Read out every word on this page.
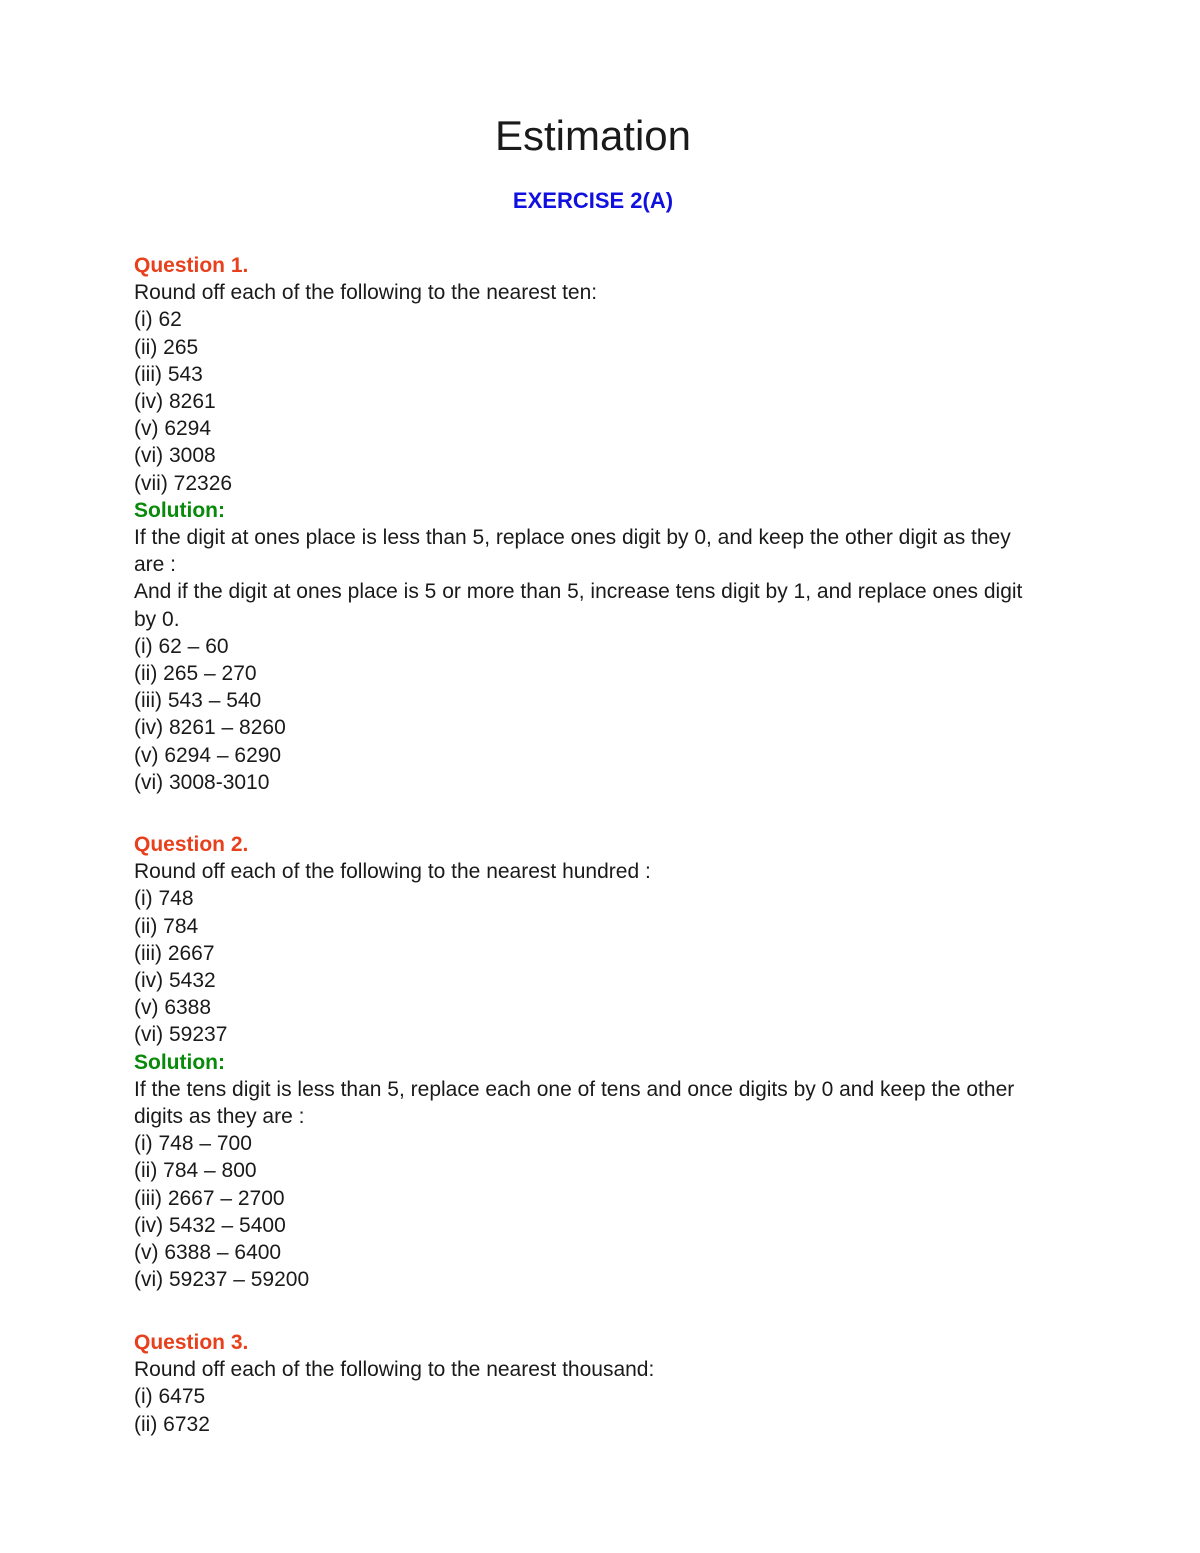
Estimation
EXERCISE 2(A)
Question 1.
Round off each of the following to the nearest ten:
(i) 62
(ii) 265
(iii) 543
(iv) 8261
(v) 6294
(vi) 3008
(vii) 72326
Solution:
If the digit at ones place is less than 5, replace ones digit by 0, and keep the other digit as they are :
And if the digit at ones place is 5 or more than 5, increase tens digit by 1, and replace ones digit by 0.
(i) 62 – 60
(ii) 265 – 270
(iii) 543 – 540
(iv) 8261 – 8260
(v) 6294 – 6290
(vi) 3008-3010
Question 2.
Round off each of the following to the nearest hundred :
(i) 748
(ii) 784
(iii) 2667
(iv) 5432
(v) 6388
(vi) 59237
Solution:
If the tens digit is less than 5, replace each one of tens and once digits by 0 and keep the other digits as they are :
(i) 748 – 700
(ii) 784 – 800
(iii) 2667 – 2700
(iv) 5432 – 5400
(v) 6388 – 6400
(vi) 59237 – 59200
Question 3.
Round off each of the following to the nearest thousand:
(i) 6475
(ii) 6732
